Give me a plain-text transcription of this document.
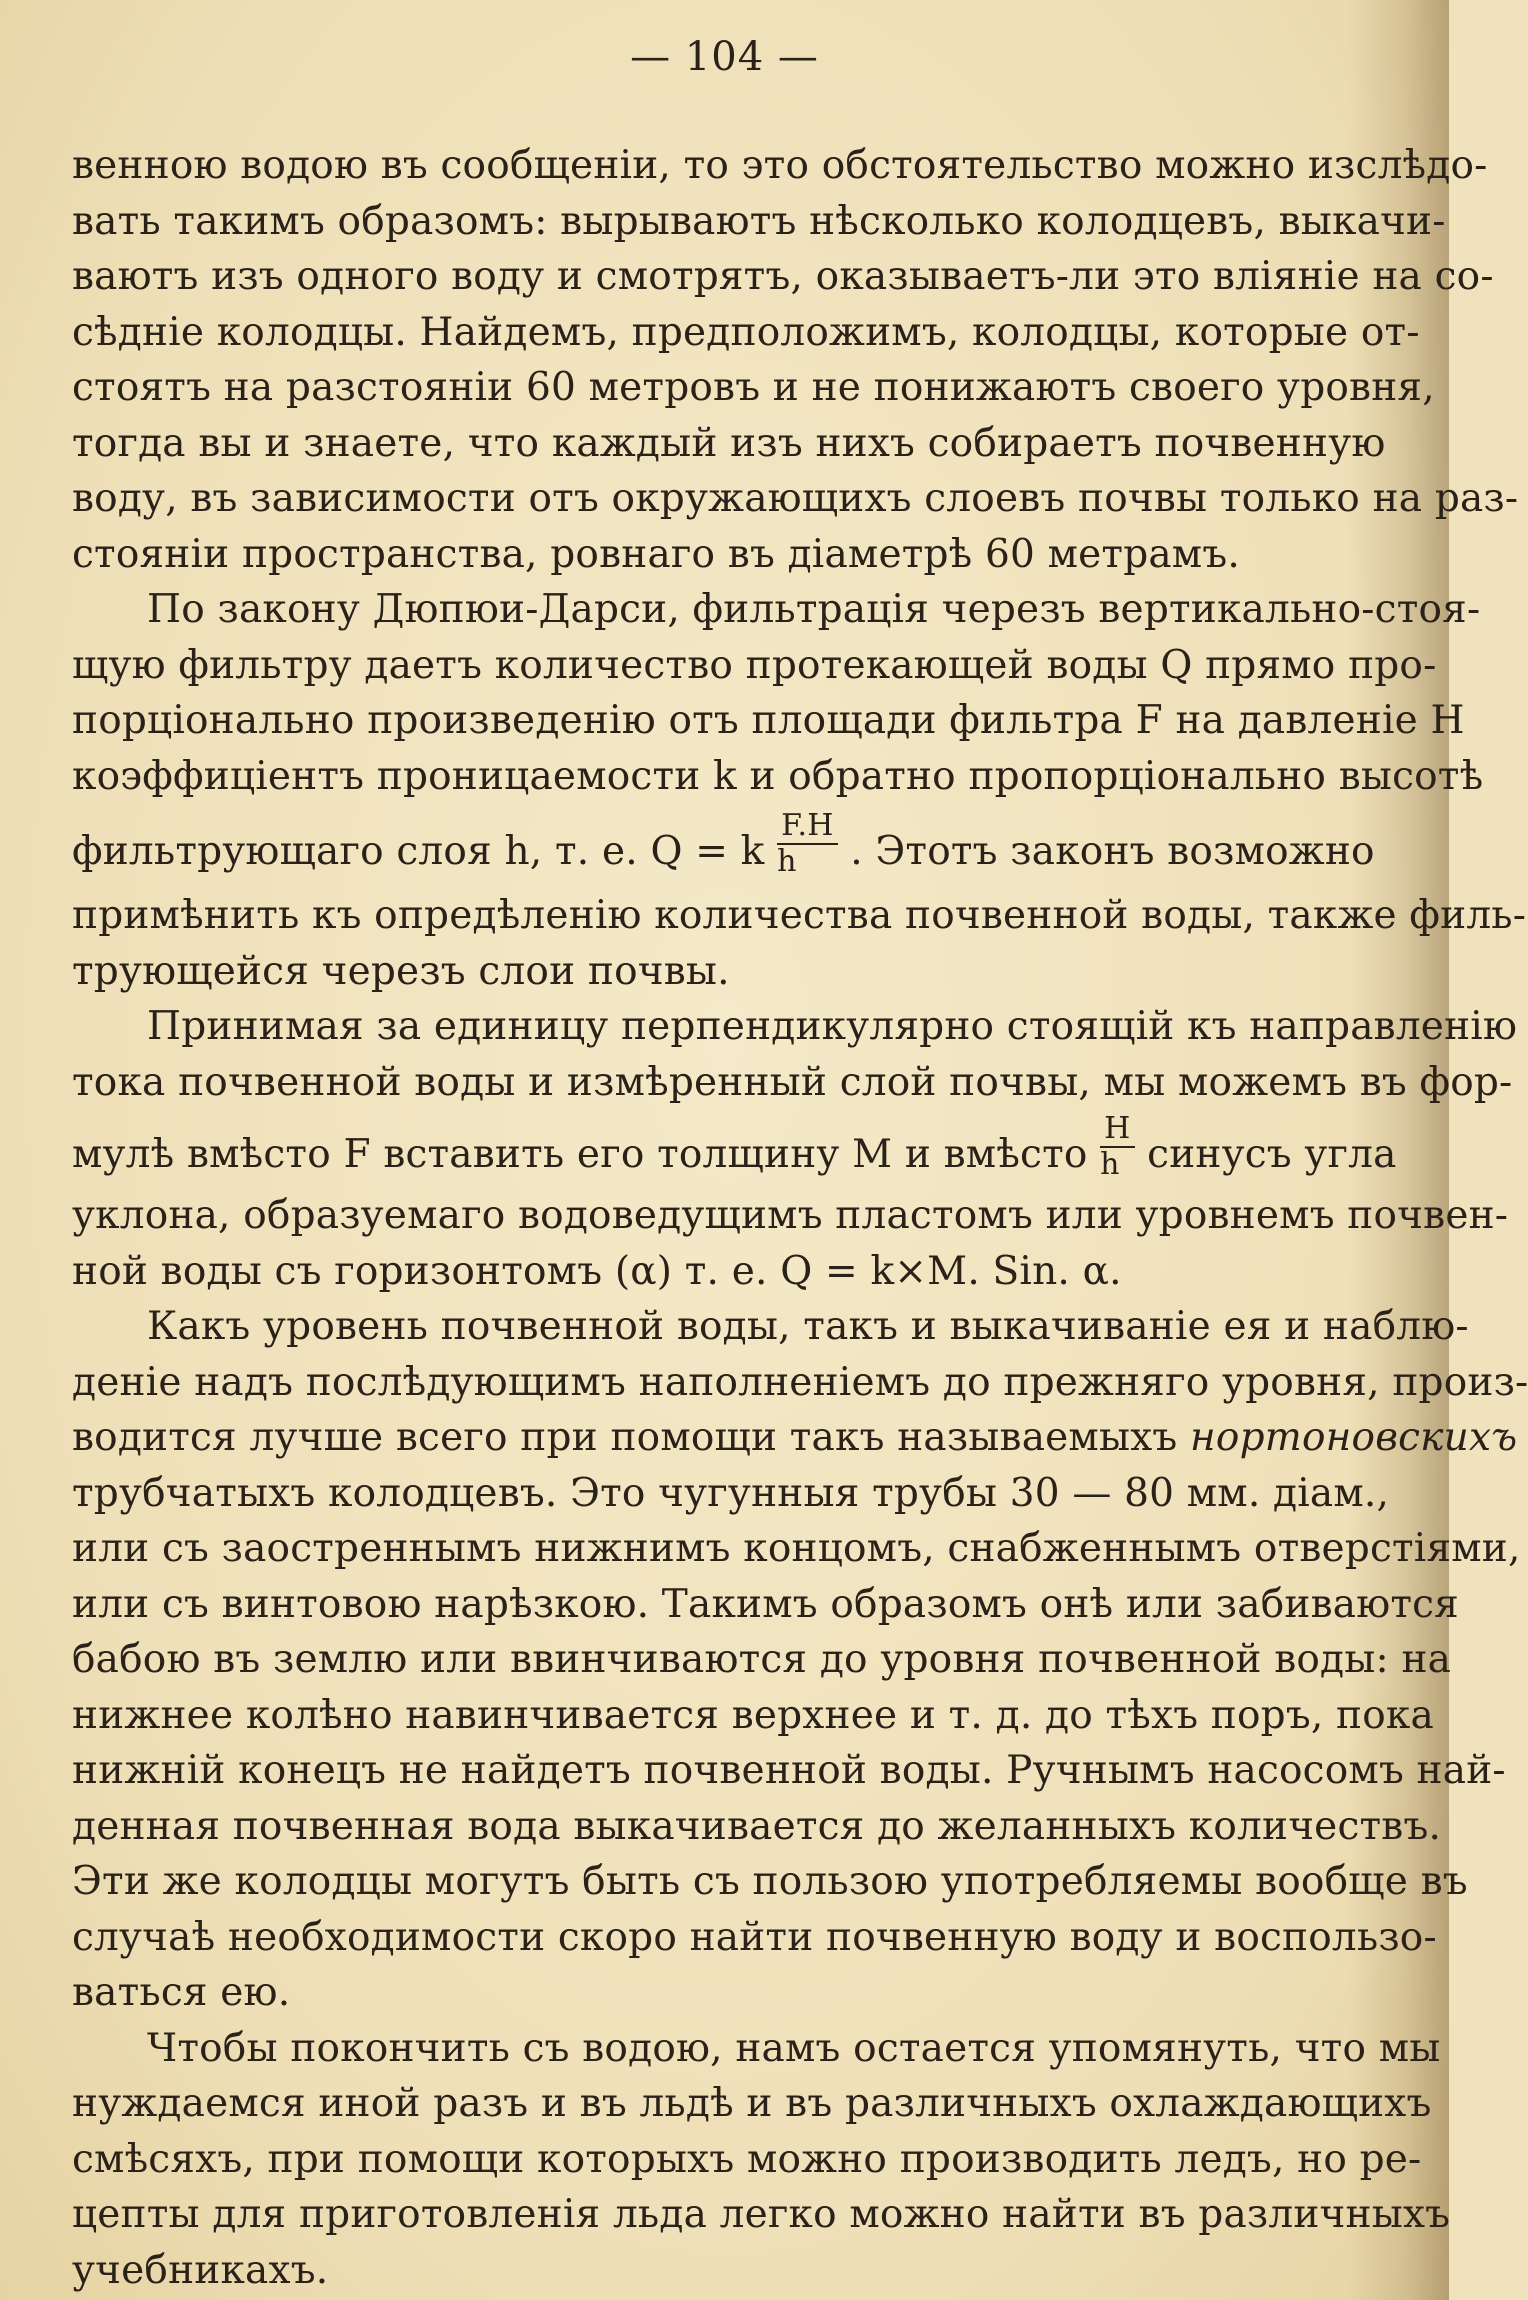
— 104 —
венною водою въ сообщенiи, то это обстоятельство можно изслѣдо-
вать такимъ образомъ: вырываютъ нѣсколько колодцевъ, выкачи-
ваютъ изъ одного воду и смотрятъ, оказываетъ-ли это влiянiе на со-
сѣднiе колодцы. Найдемъ, предположимъ, колодцы, которые от-
стоятъ на разстоянiи 60 метровъ и не понижаютъ своего уровня,
тогда вы и знаете, что каждый изъ нихъ собираетъ почвенную
воду, въ зависимости отъ окружающихъ слоевъ почвы только на раз-
стоянiи пространства, ровнаго въ дiаметрѣ 60 метрамъ.
По закону Дюпюи-Дарси, фильтрацiя черезъ вертикально-стоя-
щую фильтру даетъ количество протекающей воды Q прямо про-
порцiонально произведенiю отъ площади фильтра F на давленiе H
коэффицiентъ проницаемости k и обратно пропорцiонально высотѣ
фильтрующаго слоя h, т. е. Q = k $\frac{F.H}{h}$ . Этотъ законъ возможно
примѣнить къ опредѣленiю количества почвенной воды, также филь-
трующейся черезъ слои почвы.
Принимая за единицу перпендикулярно стоящiй къ направленiю
тока почвенной воды и измѣренный слой почвы, мы можемъ въ фор-
мулѣ вмѣсто F вставить его толщину M и вмѣсто $\frac{H}{h}$ синусъ угла
уклона, образуемаго водоведущимъ пластомъ или уровнемъ почвен-
ной воды съ горизонтомъ (α) т. е. Q = k×M. Sin. α.
Какъ уровень почвенной воды, такъ и выкачиванiе ея и наблю-
денiе надъ послѣдующимъ наполненiемъ до прежняго уровня, произ-
водится лучше всего при помощи такъ называемыхъ нортоновскихъ
трубчатыхъ колодцевъ. Это чугунныя трубы 30 — 80 мм. дiам.,
или съ заостреннымъ нижнимъ концомъ, снабженнымъ отверстiями,
или съ винтовою нарѣзкою. Такимъ образомъ онѣ или забиваются
бабою въ землю или ввинчиваются до уровня почвенной воды: на
нижнее колѣно навинчивается верхнее и т. д. до тѣхъ поръ, пока
нижнiй конецъ не найдетъ почвенной воды. Ручнымъ насосомъ най-
денная почвенная вода выкачивается до желанныхъ количествъ.
Эти же колодцы могутъ быть съ пользою употребляемы вообще въ
случаѣ необходимости скоро найти почвенную воду и воспользо-
ваться ею.
Чтобы покончить съ водою, намъ остается упомянуть, что мы
нуждаемся иной разъ и въ льдѣ и въ различныхъ охлаждающихъ
смѣсяхъ, при помощи которыхъ можно производить ледъ, но ре-
цепты для приготовленiя льда легко можно найти въ различныхъ
учебникахъ.
